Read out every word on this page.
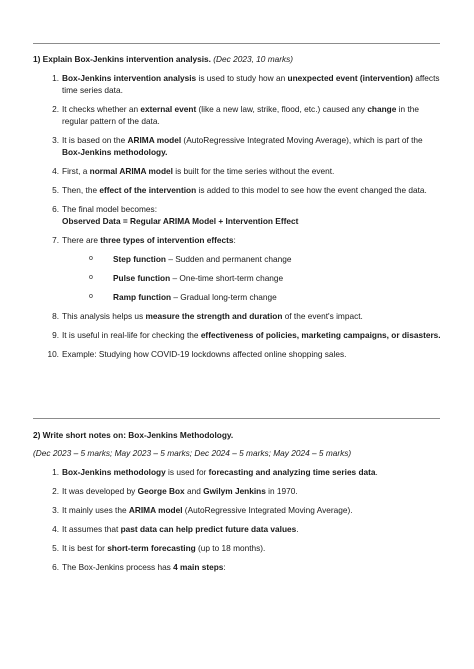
1) Explain Box-Jenkins intervention analysis. (Dec 2023, 10 marks)
1. Box-Jenkins intervention analysis is used to study how an unexpected event (intervention) affects time series data.
2. It checks whether an external event (like a new law, strike, flood, etc.) caused any change in the regular pattern of the data.
3. It is based on the ARIMA model (AutoRegressive Integrated Moving Average), which is part of the Box-Jenkins methodology.
4. First, a normal ARIMA model is built for the time series without the event.
5. Then, the effect of the intervention is added to this model to see how the event changed the data.
6. The final model becomes:
Observed Data = Regular ARIMA Model + Intervention Effect
7. There are three types of intervention effects:
o Step function – Sudden and permanent change
o Pulse function – One-time short-term change
o Ramp function – Gradual long-term change
8. This analysis helps us measure the strength and duration of the event's impact.
9. It is useful in real-life for checking the effectiveness of policies, marketing campaigns, or disasters.
10. Example: Studying how COVID-19 lockdowns affected online shopping sales.
2) Write short notes on: Box-Jenkins Methodology.
(Dec 2023 – 5 marks; May 2023 – 5 marks; Dec 2024 – 5 marks; May 2024 – 5 marks)
1. Box-Jenkins methodology is used for forecasting and analyzing time series data.
2. It was developed by George Box and Gwilym Jenkins in 1970.
3. It mainly uses the ARIMA model (AutoRegressive Integrated Moving Average).
4. It assumes that past data can help predict future data values.
5. It is best for short-term forecasting (up to 18 months).
6. The Box-Jenkins process has 4 main steps:
